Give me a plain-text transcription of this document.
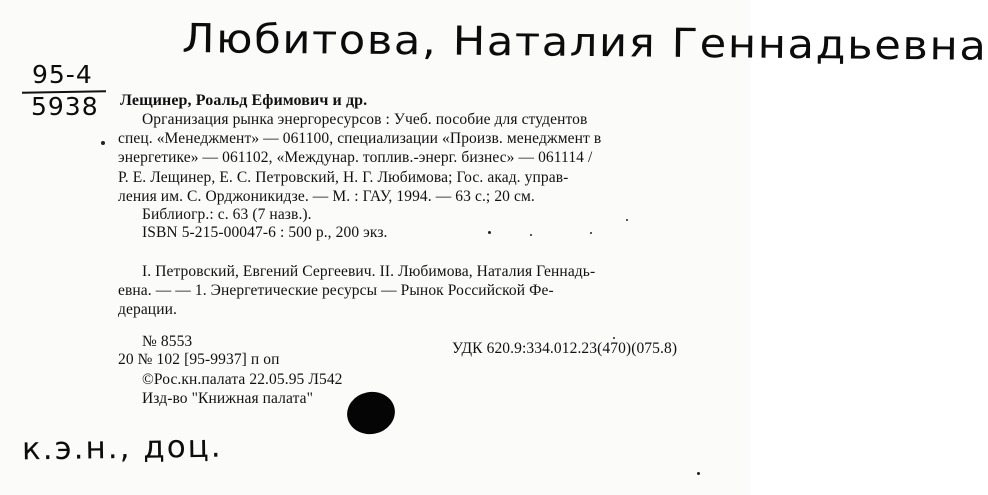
Любитова, Наталия Геннадьевна
95-4
5938 Лещинер, Роальд Ефимович и др.
Организация рынка энергоресурсов : Учеб. пособие для студентов
спец. «Менеджмент» — 061100, специализации «Произв. менеджмент в
энергетике» — 061102, «Междунар. топлив.-энерг. бизнес» — 061114 /
Р. Е. Лещинер, Е. С. Петровский, Н. Г. Любимова; Гос. акад. управ-
ления им. С. Орджоникидзе. — М. : ГАУ, 1994. — 63 с.; 20 см.
Библиогр.: с. 63 (7 назв.).
ISBN 5-215-00047-6 : 500 р., 200 экз.
I. Петровский, Евгений Сергеевич. II. Любимова, Наталия Геннадь-
евна. — — 1. Энергетические ресурсы — Рынок Российской Фе-
дерации.
№ 8553
20 № 102 [95-9937] п оп
©Рос.кн.палата 22.05.95 Л542
Изд-во "Книжная палата"
УДК 620.9:334.012.23(470)(075.8)
к.э.н., доц.
